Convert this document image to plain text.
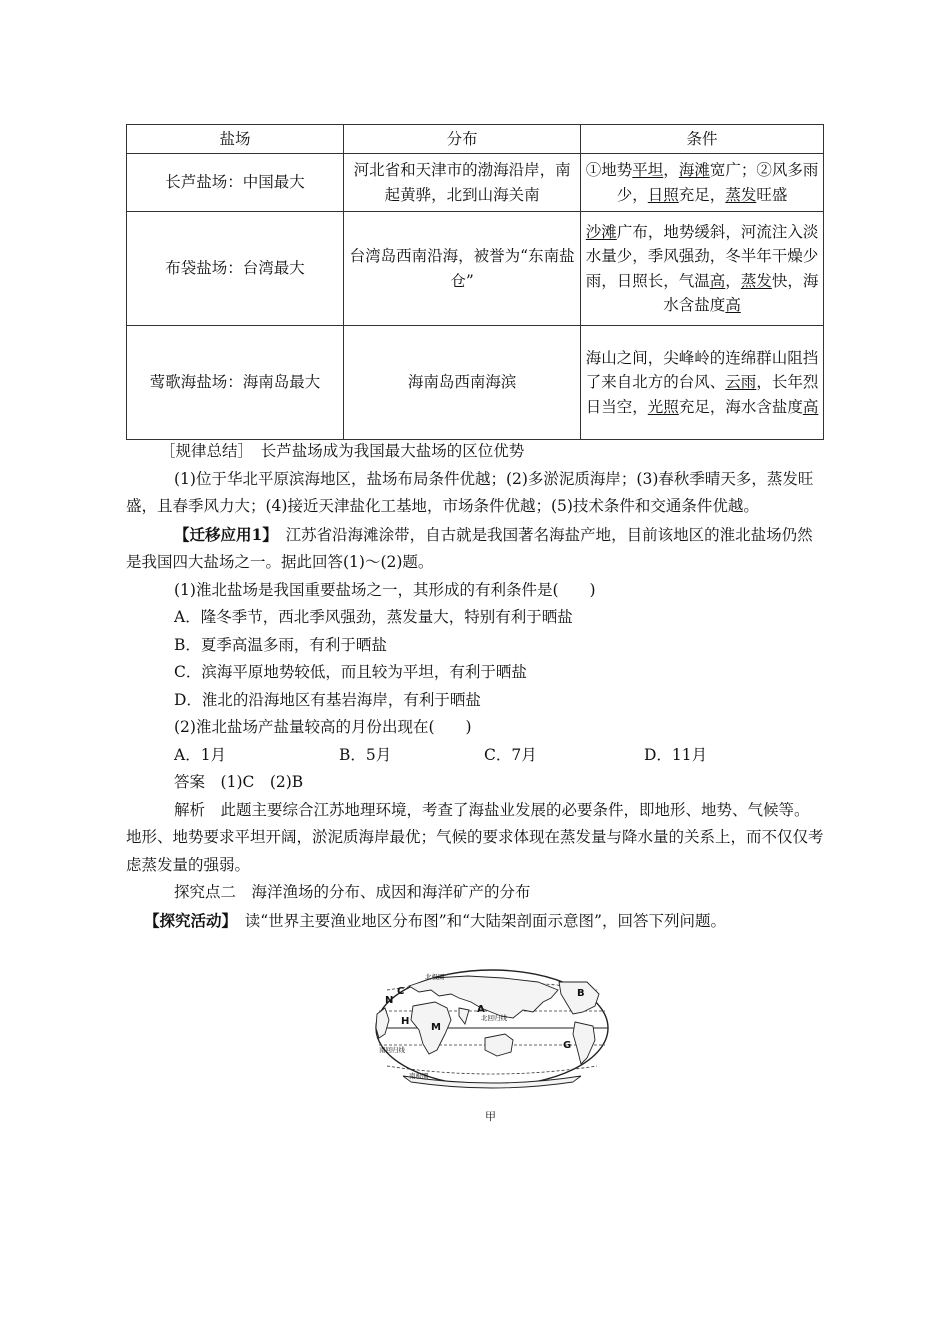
盐场	分布	条件
长芦盐场：中国最大	河北省和天津市的渤海沿岸，南起黄骅，北到山海关南	①地势平坦，海滩宽广；②风多雨少，日照充足，蒸发旺盛
布袋盐场：台湾最大	台湾岛西南沿海，被誉为“东南盐仓”	沙滩广布，地势缓斜，河流注入淡水量少，季风强劲，冬半年干燥少雨，日照长，气温高，蒸发快，海水含盐度高
莺歌海盐场：海南岛最大	海南岛西南海滨	海山之间，尖峰岭的连绵群山阻挡了来自北方的台风、云雨，长年烈日当空，光照充足，海水含盐度高

［规律总结］　长芦盐场成为我国最大盐场的区位优势

(1)位于华北平原滨海地区，盐场布局条件优越；(2)多淤泥质海岸；(3)春秋季晴天多，蒸发旺盛，且春季风力大；(4)接近天津盐化工基地，市场条件优越；(5)技术条件和交通条件优越。

【迁移应用1】　 江苏省沿海滩涂带，自古就是我国著名海盐产地，目前该地区的淮北盐场仍然是我国四大盐场之一。据此回答(1)～(2)题。

(1)淮北盐场是我国重要盐场之一，其形成的有利条件是(　　)

A．隆冬季节，西北季风强劲，蒸发量大，特别有利于晒盐

B．夏季高温多雨，有利于晒盐

C．滨海平原地势较低，而且较为平坦，有利于晒盐

D．淮北的沿海地区有基岩海岸，有利于晒盐

(2)淮北盐场产盐量较高的月份出现在(　　)

A．1月	B．5月	C．7月	D．11月

答案　 (1)C　(2)B

解析　 此题主要综合江苏地理环境，考查了海盐业发展的必要条件，即地形、地势、气候等。地形、地势要求平坦开阔，淤泥质海岸最优；气候的要求体现在蒸发量与降水量的关系上，而不仅仅考虑蒸发量的强弱。

探究点二　海洋渔场的分布、成因和海洋矿产的分布

【探究活动】　 读“世界主要渔业地区分布图”和“大陆架剖面示意图”，回答下列问题。

北极圈
北回归线
南回归线
南极圈
A
B
C
G
H
M
N
甲
